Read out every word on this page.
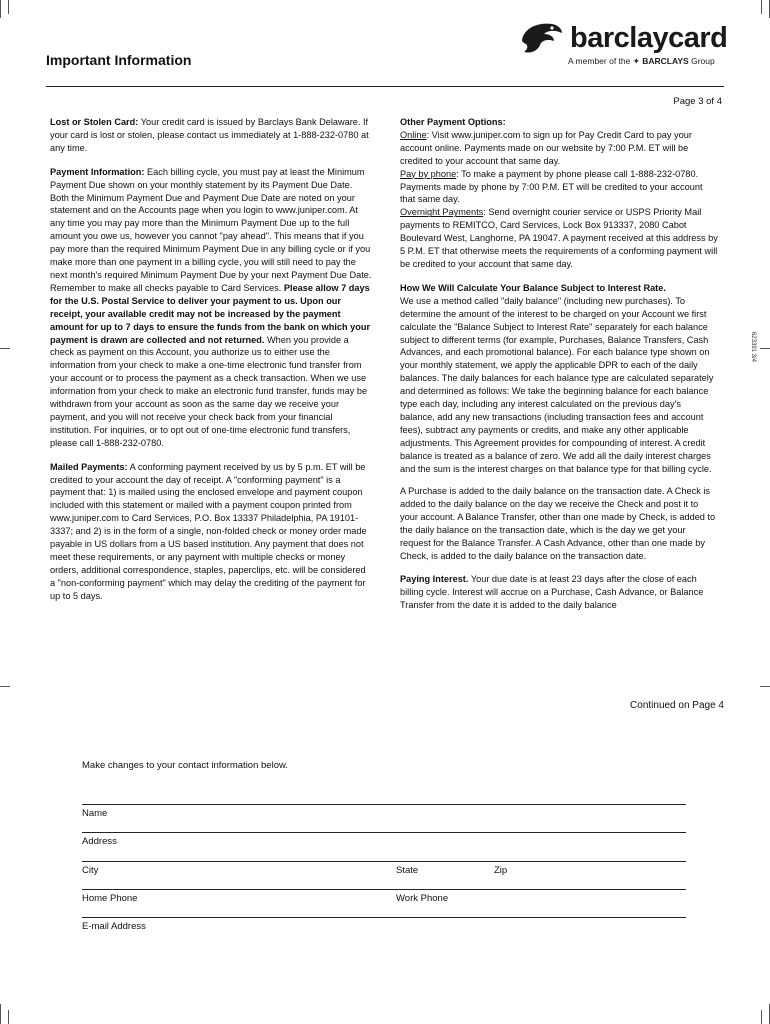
Important Information
barclaycard
A member of the ✦ BARCLAYS Group
Page 3 of 4
623391 3/4

Lost or Stolen Card: Your credit card is issued by Barclays Bank Delaware. If your card is lost or stolen, please contact us immediately at 1-888-232-0780 at any time.

Payment Information: Each billing cycle, you must pay at least the Minimum Payment Due shown on your monthly statement by its Payment Due Date. Both the Minimum Payment Due and Payment Due Date are noted on your statement and on the Accounts page when you login to www.juniper.com. At any time you may pay more than the Minimum Payment Due up to the full amount you owe us, however you cannot "pay ahead". This means that if you pay more than the required Minimum Payment Due in any billing cycle or if you make more than one payment in a billing cycle, you will still need to pay the next month's required Minimum Payment Due by your next Payment Due Date. Remember to make all checks payable to Card Services. Please allow 7 days for the U.S. Postal Service to deliver your payment to us. Upon our receipt, your available credit may not be increased by the payment amount for up to 7 days to ensure the funds from the bank on which your payment is drawn are collected and not returned. When you provide a check as payment on this Account, you authorize us to either use the information from your check to make a one-time electronic fund transfer from your account or to process the payment as a check transaction. When we use information from your check to make an electronic fund transfer, funds may be withdrawn from your account as soon as the same day we receive your payment, and you will not receive your check back from your financial institution. For inquiries, or to opt out of one-time electronic fund transfers, please call 1-888-232-0780.

Mailed Payments: A conforming payment received by us by 5 p.m. ET will be credited to your account the day of receipt. A "conforming payment" is a payment that: 1) is mailed using the enclosed envelope and payment coupon included with this statement or mailed with a payment coupon printed from www.juniper.com to Card Services, P.O. Box 13337 Philadelphia, PA 19101-3337; and 2) is in the form of a single, non-folded check or money order made payable in US dollars from a US based institution. Any payment that does not meet these requirements, or any payment with multiple checks or money orders, additional correspondence, staples, paperclips, etc. will be considered a "non-conforming payment" which may delay the crediting of the payment for up to 5 days.

Other Payment Options:
Online: Visit www.juniper.com to sign up for Pay Credit Card to pay your account online. Payments made on our website by 7:00 P.M. ET will be credited to your account that same day.
Pay by phone: To make a payment by phone please call 1-888-232-0780. Payments made by phone by 7:00 P.M. ET will be credited to your account that same day.
Overnight Payments: Send overnight courier service or USPS Priority Mail payments to REMITCO, Card Services, Lock Box 913337, 2080 Cabot Boulevard West, Langhorne, PA 19047. A payment received at this address by 5 P.M. ET that otherwise meets the requirements of a conforming payment will be credited to your account that same day.

How We Will Calculate Your Balance Subject to Interest Rate.
We use a method called "daily balance" (including new purchases). To determine the amount of the interest to be charged on your Account we first calculate the "Balance Subject to Interest Rate" separately for each balance subject to different terms (for example, Purchases, Balance Transfers, Cash Advances, and each promotional balance). For each balance type shown on your monthly statement, we apply the applicable DPR to each of the daily balances. The daily balances for each balance type are calculated separately and determined as follows: We take the beginning balance for each balance type each day, including any interest calculated on the previous day's balance, add any new transactions (including transaction fees and account fees), subtract any payments or credits, and make any other applicable adjustments. This Agreement provides for compounding of interest. A credit balance is treated as a balance of zero. We add all the daily interest charges and the sum is the interest charges on that balance type for that billing cycle.

A Purchase is added to the daily balance on the transaction date. A Check is added to the daily balance on the day we receive the Check and post it to your account. A Balance Transfer, other than one made by Check, is added to the daily balance on the transaction date, which is the day we get your request for the Balance Transfer. A Cash Advance, other than one made by Check, is added to the daily balance on the transaction date.

Paying Interest. Your due date is at least 23 days after the close of each billing cycle. Interest will accrue on a Purchase, Cash Advance, or Balance Transfer from the date it is added to the daily balance

Continued on Page 4
Make changes to your contact information below.
Name
Address
City	State	Zip
Home Phone	Work Phone
E-mail Address
